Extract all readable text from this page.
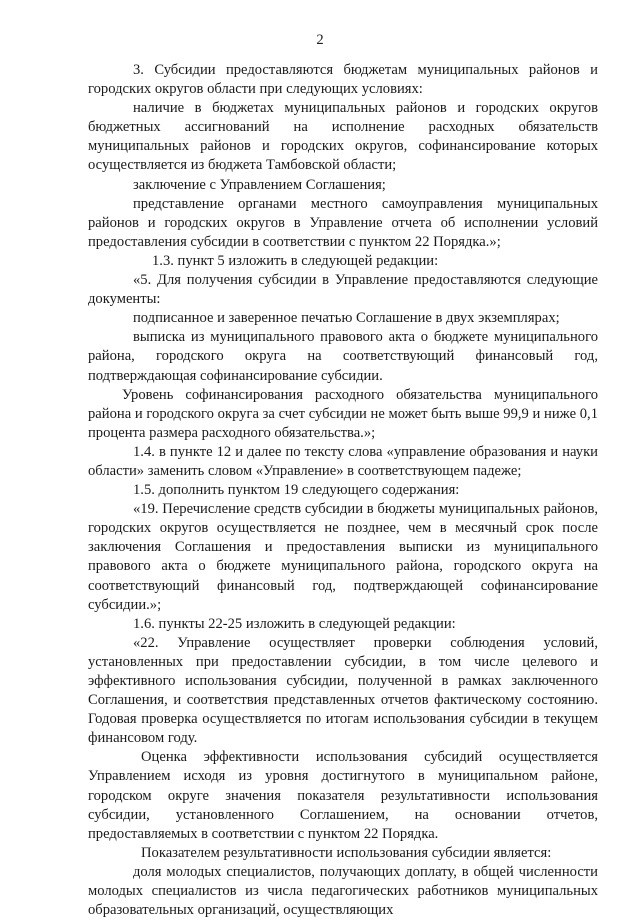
2

3. Субсидии предоставляются бюджетам муниципальных районов и городских округов области при следующих условиях:

наличие в бюджетах муниципальных районов и городских округов бюджетных ассигнований на исполнение расходных обязательств муниципальных районов и городских округов, софинансирование которых осуществляется из бюджета Тамбовской области;

заключение с Управлением Соглашения;

представление органами местного самоуправления муниципальных районов и городских округов в Управление отчета об исполнении условий предоставления субсидии в соответствии с пунктом 22 Порядка.»;

1.3. пункт 5 изложить в следующей редакции:

«5. Для получения субсидии в Управление предоставляются следующие документы:

подписанное и заверенное печатью Соглашение в двух экземплярах;

выписка из муниципального правового акта о бюджете муниципального района, городского округа на соответствующий финансовый год, подтверждающая софинансирование субсидии.

Уровень софинансирования расходного обязательства муниципального района и городского округа за счет субсидии не может быть выше 99,9 и ниже 0,1 процента размера расходного обязательства.»;

1.4. в пункте 12 и далее по тексту слова «управление образования и науки области» заменить словом «Управление» в соответствующем падеже;

1.5. дополнить пунктом 19 следующего содержания:

«19. Перечисление средств субсидии в бюджеты муниципальных районов, городских округов осуществляется не позднее, чем в месячный срок после заключения Соглашения и предоставления выписки из муниципального правового акта о бюджете муниципального района, городского округа на соответствующий финансовый год, подтверждающей софинансирование субсидии.»;

1.6. пункты 22-25 изложить в следующей редакции:

«22. Управление осуществляет проверки соблюдения условий, установленных при предоставлении субсидии, в том числе целевого и эффективного использования субсидии, полученной в рамках заключенного Соглашения, и соответствия представленных отчетов фактическому состоянию. Годовая проверка осуществляется по итогам использования субсидии в текущем финансовом году.

Оценка эффективности использования субсидий осуществляется Управлением исходя из уровня достигнутого в муниципальном районе, городском округе значения показателя результативности использования субсидии, установленного Соглашением, на основании отчетов, предоставляемых в соответствии с пунктом 22 Порядка.

Показателем результативности использования субсидии является:

доля молодых специалистов, получающих доплату, в общей численности молодых специалистов из числа педагогических работников муниципальных образовательных организаций, осуществляющих
